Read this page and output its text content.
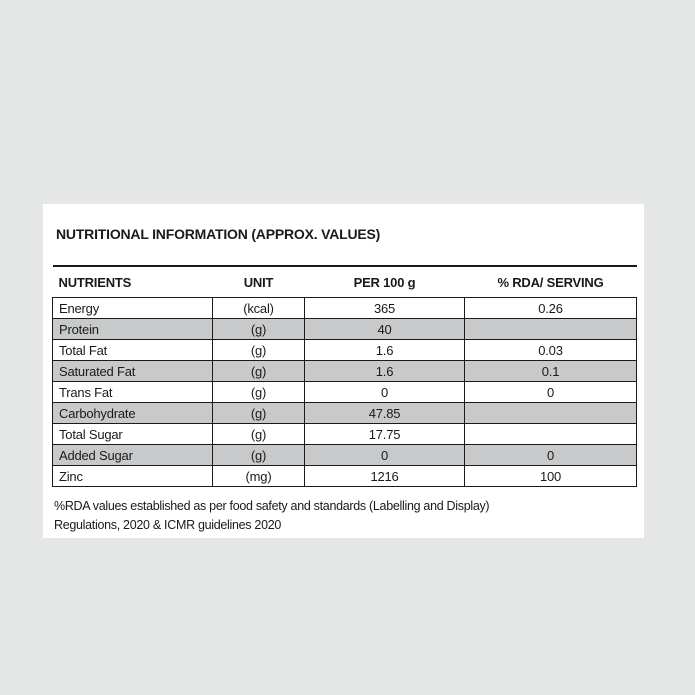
NUTRITIONAL INFORMATION (APPROX. VALUES)
NUTRIENTS	UNIT	PER 100 g	% RDA/ SERVING
Energy	(kcal)	365	0.26
Protein	(g)	40	
Total Fat	(g)	1.6	0.03
Saturated Fat	(g)	1.6	0.1
Trans Fat	(g)	0	0
Carbohydrate	(g)	47.85	
Total Sugar	(g)	17.75	
Added Sugar	(g)	0	0
Zinc	(mg)	1216	100
%RDA values established as per food safety and standards (Labelling and Display)
Regulations, 2020 & ICMR guidelines 2020
